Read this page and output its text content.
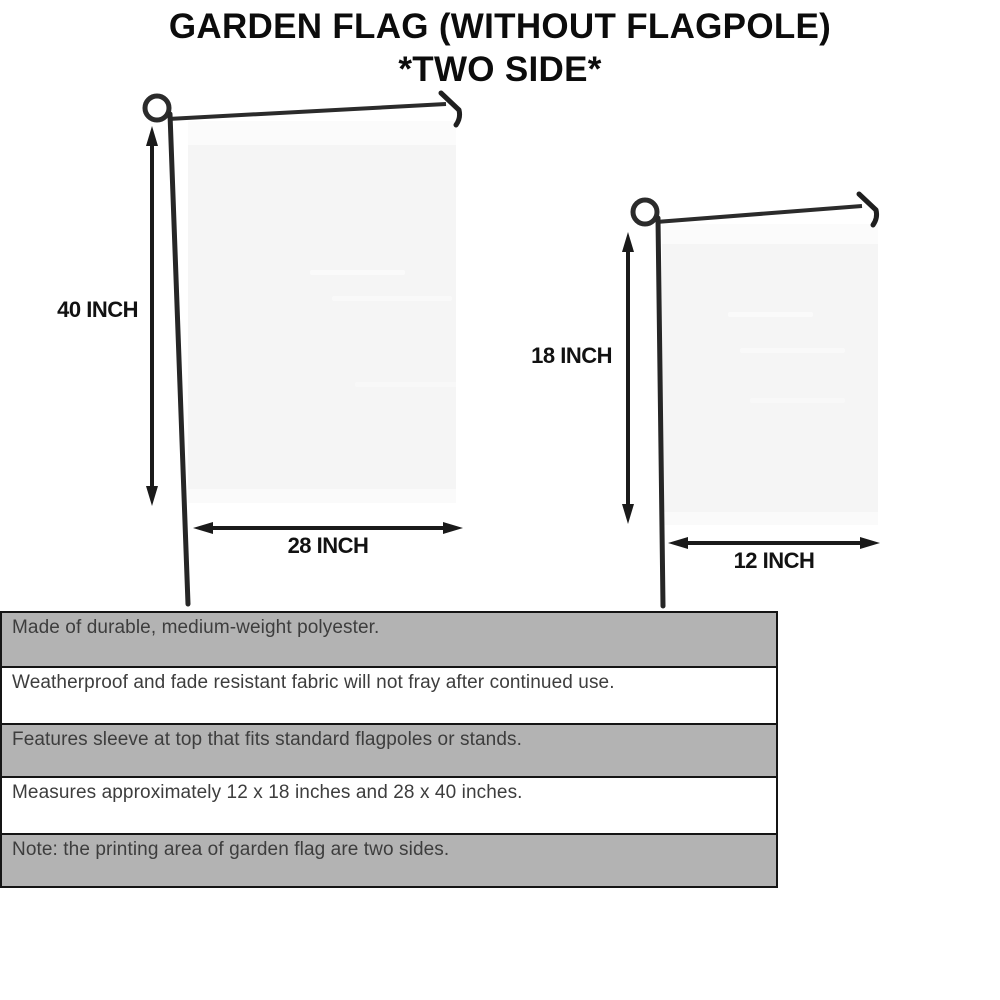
GARDEN FLAG (WITHOUT FLAGPOLE)
*TWO SIDE*
40 INCH
28 INCH
18 INCH
12 INCH
Made of durable, medium-weight polyester.
Weatherproof and fade resistant fabric will not fray after continued use.
Features sleeve at top that fits standard flagpoles or stands.
Measures approximately 12 x 18 inches and 28 x 40 inches.
Note: the printing area of garden flag are two sides.
